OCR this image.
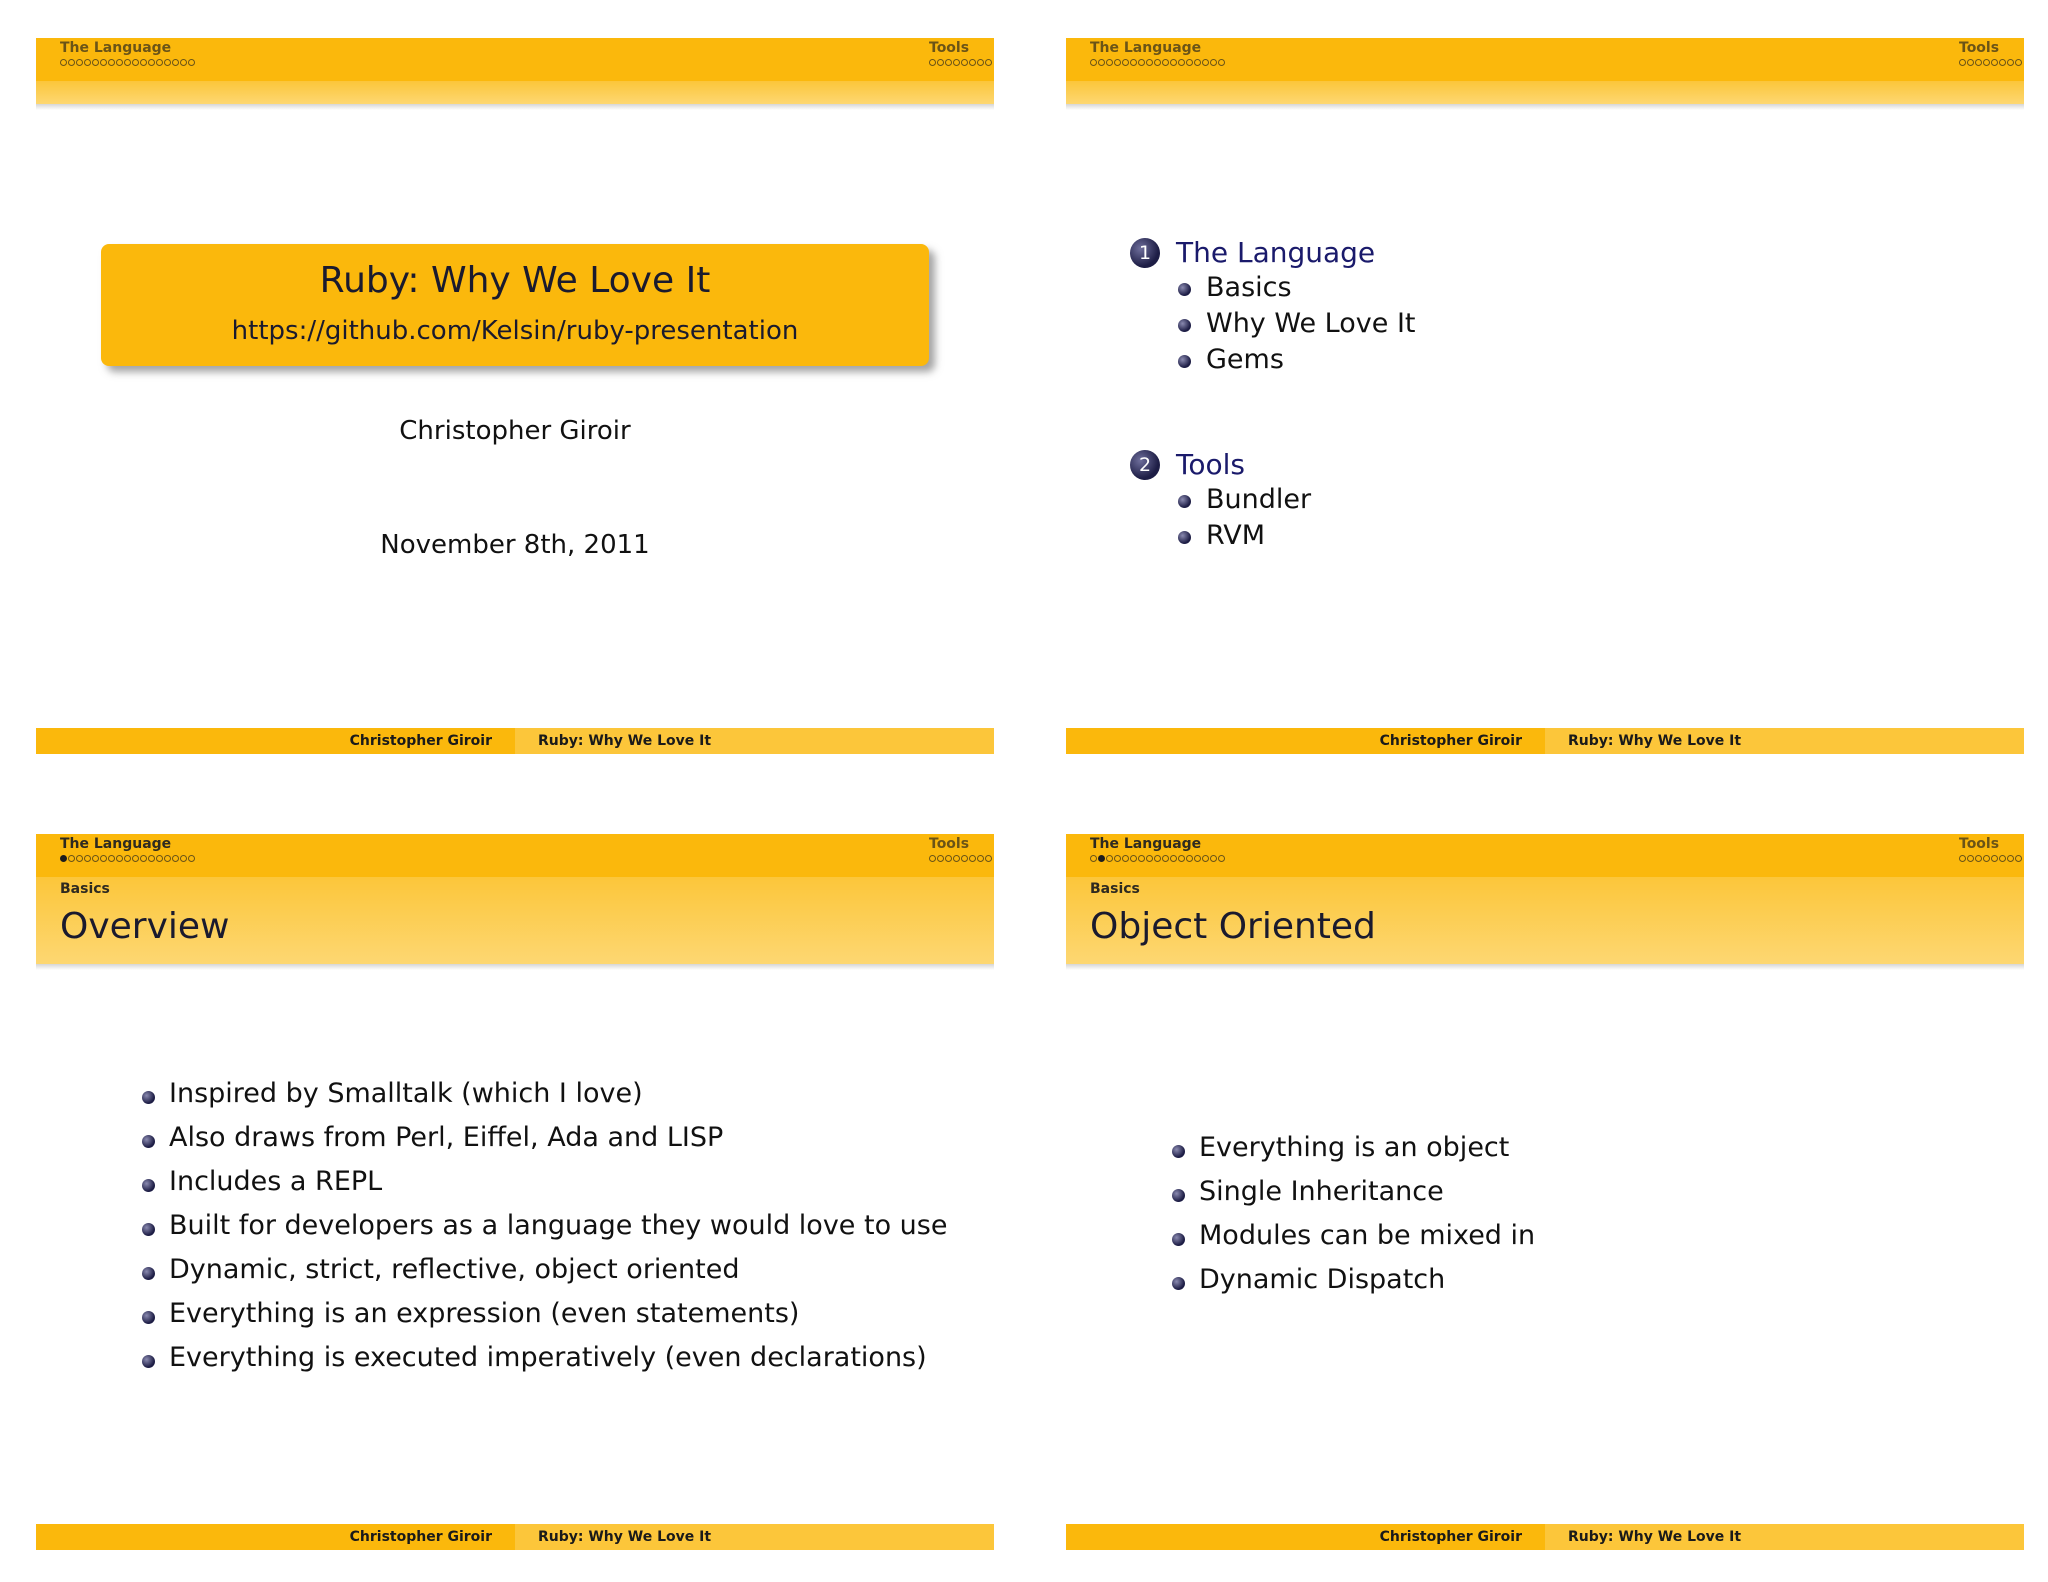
The Language	Tools
Ruby: Why We Love It
https://github.com/Kelsin/ruby-presentation
Christopher Giroir
November 8th, 2011
Christopher Giroir	Ruby: Why We Love It
The Language	Tools
1 The Language
Basics
Why We Love It
Gems
2 Tools
Bundler
RVM
Christopher Giroir	Ruby: Why We Love It
The Language	Tools
Basics
Overview
Inspired by Smalltalk (which I love)
Also draws from Perl, Eiffel, Ada and LISP
Includes a REPL
Built for developers as a language they would love to use
Dynamic, strict, reflective, object oriented
Everything is an expression (even statements)
Everything is executed imperatively (even declarations)
Christopher Giroir	Ruby: Why We Love It
The Language	Tools
Basics
Object Oriented
Everything is an object
Single Inheritance
Modules can be mixed in
Dynamic Dispatch
Christopher Giroir	Ruby: Why We Love It
